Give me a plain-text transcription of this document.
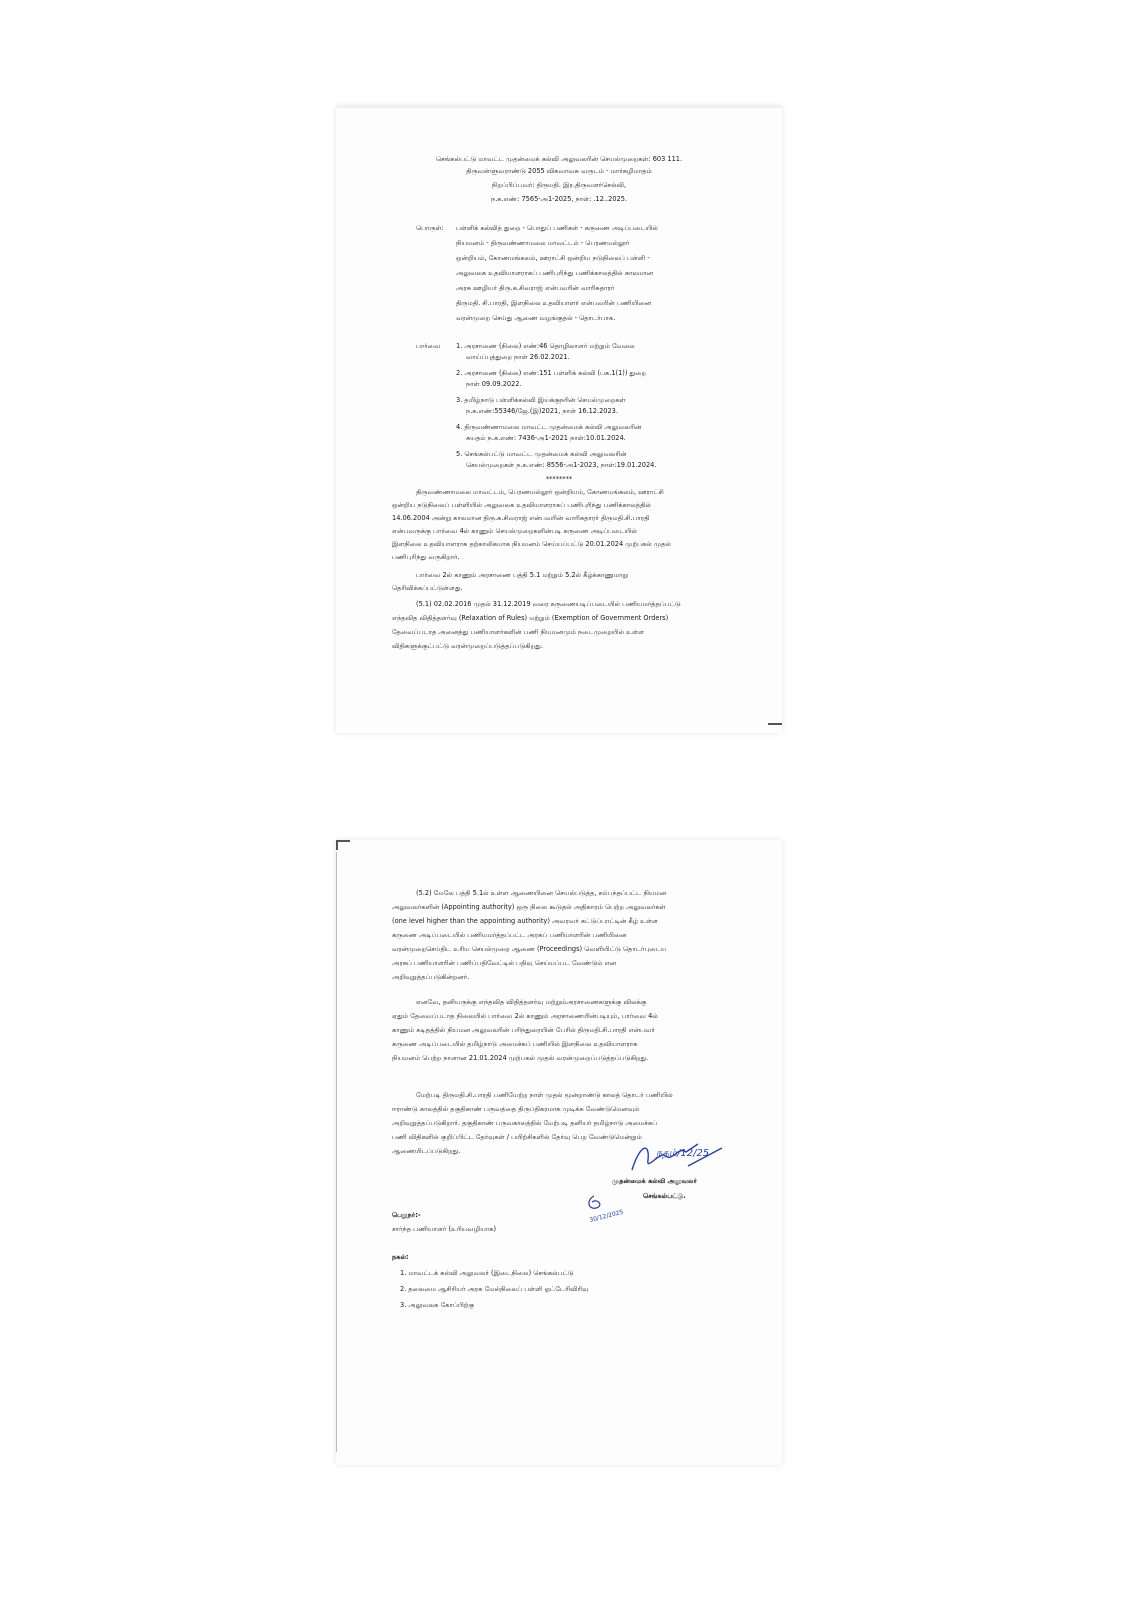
செங்கல்பட்டு மாவட்ட முதன்மைக் கல்வி அலுவலரின் செயல்முறைகள்: 603 111.
திருவள்ளுவராண்டு 2055 விசுவாவசு வருடம் - மார்கழிமாதம்
நிறப்பிப்பவர்: திருமதி. இர.திருவளர்செல்வி,
ந.க.எண்: 7565-அ1-2025, நாள்: .12..2025.
பொருள்: பள்ளிக் கல்வித் துறை - பொதுப் பணிகள் - கருணை அடிப்படையில்
நியமனம் - திருவண்ணாமலை மாவட்டம் - பெரணமல்லூர்
ஒன்றியம், கோணமங்கலம், ஊராட்சி ஒன்றிய நடுநிலைப் பள்ளி -
அலுவலக உதவியாளராகப் பணிபுரிந்து பணிக்காலத்தில் காலமான
அரசு ஊழியர் திரு.க.சிவராஜ் என்பவரின் வாரிசுதாரர்
திருமதி. சி.பாரதி, இளநிலை உதவியாளர் என்பவரின் பணியினை
வரன்முறை செய்து ஆணை வழங்குதல் - தொடர்பாக.
பார்வை 1. அரசாணை (நிலை) எண்:46 தொழிலாளர் மற்றும் வேலை
வாய்ப்புத்துறை நாள் 26.02.2021.
2. அரசாணை (நிலை) எண்:151 பள்ளிக் கல்வி (பக.1(1)) துறை
நாள் 09.09.2022.
3. தமிழ்நாடு பள்ளிக்கல்வி இயக்குநரின் செயல்முறைகள்
ந.க.எண்:55346/ஜே.(இ)2021, நாள் 16.12.2023.
4. திருவண்ணாமலை மாவட்ட முதன்மைக் கல்வி அலுவலரின்
சுயதம் ந.க.எண்: 7436-அ1-2021 நாள்:10.01.2024.
5. செங்கல்பட்டு மாவட்ட முதன்மைக் கல்வி அலுவலரின்
செயல்முறைகள் ந.க.எண்: 8556-அ1-2023, நாள்:19.01.2024.
********
திருவண்ணாமலை மாவட்டம், பெரணமல்லூர் ஒன்றியம், கோணமங்கலம், ஊராட்சி
ஒன்றிய நடுநிலைப் பள்ளியில் அலுவலக உதவியாளராகப் பணிபுரிந்து பணிக்காலத்தில்
14.06.2004 அன்று காலமான திரு.க.சிவராஜ் என்பவரின் வாரிசுதாரர் திருமதி.சி.பாரதி
என்பவருக்கு பார்வை 4ல் காணும் செயல்முறைகளின்படி கருணை அடிப்படையில்
இளநிலை உதவியாளராக தற்காலிகமாக நியமனம் செய்யப்பட்டு 20.01.2024 முற்பகல் முதல்
பணிபுரிந்து வருகிறார்.
பார்வை 2ல் காணும் அரசாணை பத்தி 5.1 மற்றும் 5.2ல் கீழ்க்காணுமாறு
தெரிவிக்கப்பட்டுள்ளது.
(5.1) 02.02.2016 முதல் 31.12.2019 வரை கருணையடிப்படையில் பணியமர்த்தப்பட்டு
எந்தவித விதித்தளர்வு (Relaxation of Rules) மற்றும் (Exemption of Government Orders)
தேவைப்படாத அனைத்து பணியாளர்களின் பணி நியமனமும் நடைமுறையில் உள்ள
விதிகளுக்குட்பட்டு வரன்முறைப்படுத்தப்படுகிறது.
(5.2) மேலே பத்தி 5.1ல் உள்ள ஆணையினை செயல்படுத்த, சம்பந்தப்பட்ட நியமன
அலுவலர்களின் (Appointing authority) ஒரு நிலை கூடுதல் அதிகாரம் பெற்ற அலுவலர்கள்
(one level higher than the appointing authority) அவரவர் கட்டுப்பாட்டின் கீழ் உள்ள
கருணை அடிப்படையில் பணியமர்த்தப்பட்ட அரசுப் பணியாளரின் பணியினை
வரன்முறைசெய்திட உரிய செயல்முறை ஆணை (Proceedings) வெளியிட்டு தொடர்புடைய
அரசுப் பணியாளரின் பணிப்பதிவேட்டில் பதிவு செய்யப்பட வேண்டும் என
அறிவுறுத்தப்படுகின்றனர்.
எனவே, தனியருக்கு எந்தவித விதித்தளர்வு மற்றும்அரசாணைகளுக்கு விலக்கு
ஏதும் தேவைப்படாத நிலையில் பார்வை 2ல் காணும் அரசாணையின்படியும், பார்வை 4ல்
காணும் கடிதத்தில் நியமன அலுவலரின் பரிந்துரையின் பேரில் திருமதி.சி.பாரதி என்பவர்
கருணை அடிப்படையில் தமிழ்நாடு அமைச்சுப் பணியில் இளநிலை உதவியாளராக
நியமனம் பெற்ற நாளான 21.01.2024 முற்பகல் முதல் வரன்முறைப்படுத்தப்படுகிறது.
மேற்படி திருமதி.சி.பாரதி பணியேற்ற நாள் முதல் மூன்றாண்டு காலத் தொடர் பணியில்
ஈராண்டு காலத்தில் தகுதிகாண் பருவத்தை திருப்திகரமாக முடிக்க வேண்டுமெனவும்
அறிவுறுத்தப்படுகிறார். தகுதிகாண் பருவகாலத்தில் மேற்படி தனியர் தமிழ்நாடு அமைச்சுப்
பணி விதிகளில் குறிப்பிட்ட தேர்வுகள் / பயிற்சிகளில் தேர்வு பெற வேண்டுமென்றும்
ஆணையிடப்படுகிறது.	நதம்/12/25
முதன்மைக் கல்வி அலுவலர்
செங்கல்பட்டு.
30/12/2025
பெறுநர்:-
சார்ந்த பணியாளர் (உரியவழியாக)
நகல்:
1. மாவட்டக் கல்வி அலுவலர் (இடைநிலை) செங்கல்பட்டு
2. தலைமை ஆசிரியர் அரசு மேல்நிலைப் பள்ளி ஓட்டேரிவிரிவு
3. அலுவலக கோப்பிற்கு
